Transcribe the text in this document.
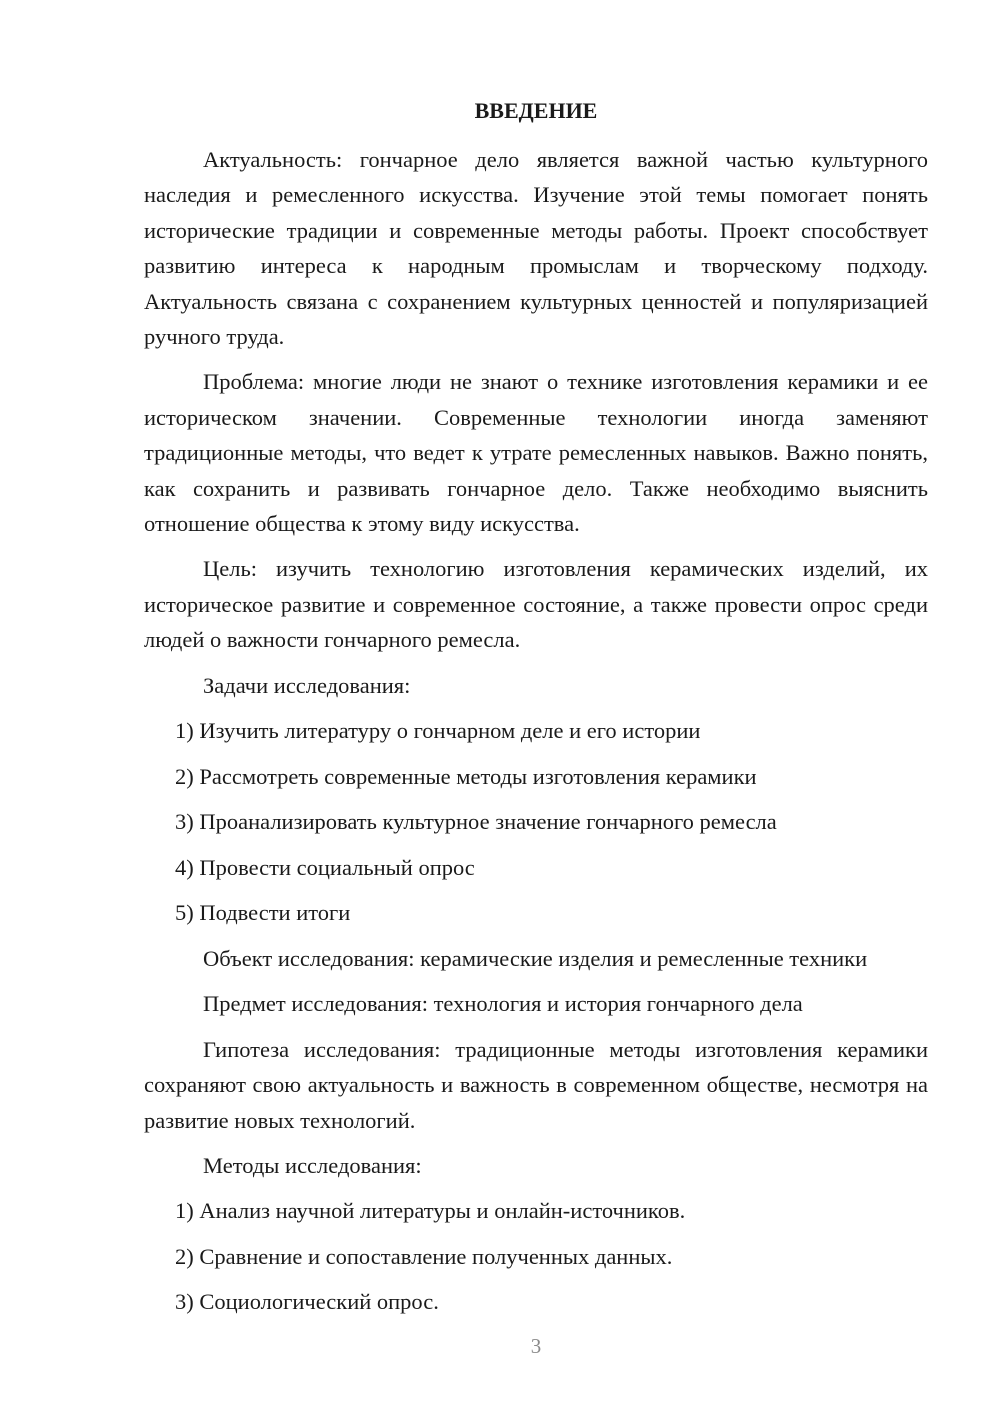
ВВЕДЕНИЕ

Актуальность: гончарное дело является важной частью культурного наследия и ремесленного искусства. Изучение этой темы помогает понять исторические традиции и современные методы работы. Проект способствует развитию интереса к народным промыслам и творческому подходу. Актуальность связана с сохранением культурных ценностей и популяризацией ручного труда.

Проблема: многие люди не знают о технике изготовления керамики и ее историческом значении. Современные технологии иногда заменяют традиционные методы, что ведет к утрате ремесленных навыков. Важно понять, как сохранить и развивать гончарное дело. Также необходимо выяснить отношение общества к этому виду искусства.

Цель: изучить технологию изготовления керамических изделий, их историческое развитие и современное состояние, а также провести опрос среди людей о важности гончарного ремесла.

Задачи исследования:

1) Изучить литературу о гончарном деле и его истории

2) Рассмотреть современные методы изготовления керамики

3) Проанализировать культурное значение гончарного ремесла

4) Провести социальный опрос

5) Подвести итоги

Объект исследования: керамические изделия и ремесленные техники

Предмет исследования: технология и история гончарного дела

Гипотеза исследования: традиционные методы изготовления керамики сохраняют свою актуальность и важность в современном обществе, несмотря на развитие новых технологий.

Методы исследования:

1) Анализ научной литературы и онлайн-источников.

2) Сравнение и сопоставление полученных данных.

3) Социологический опрос.

3
